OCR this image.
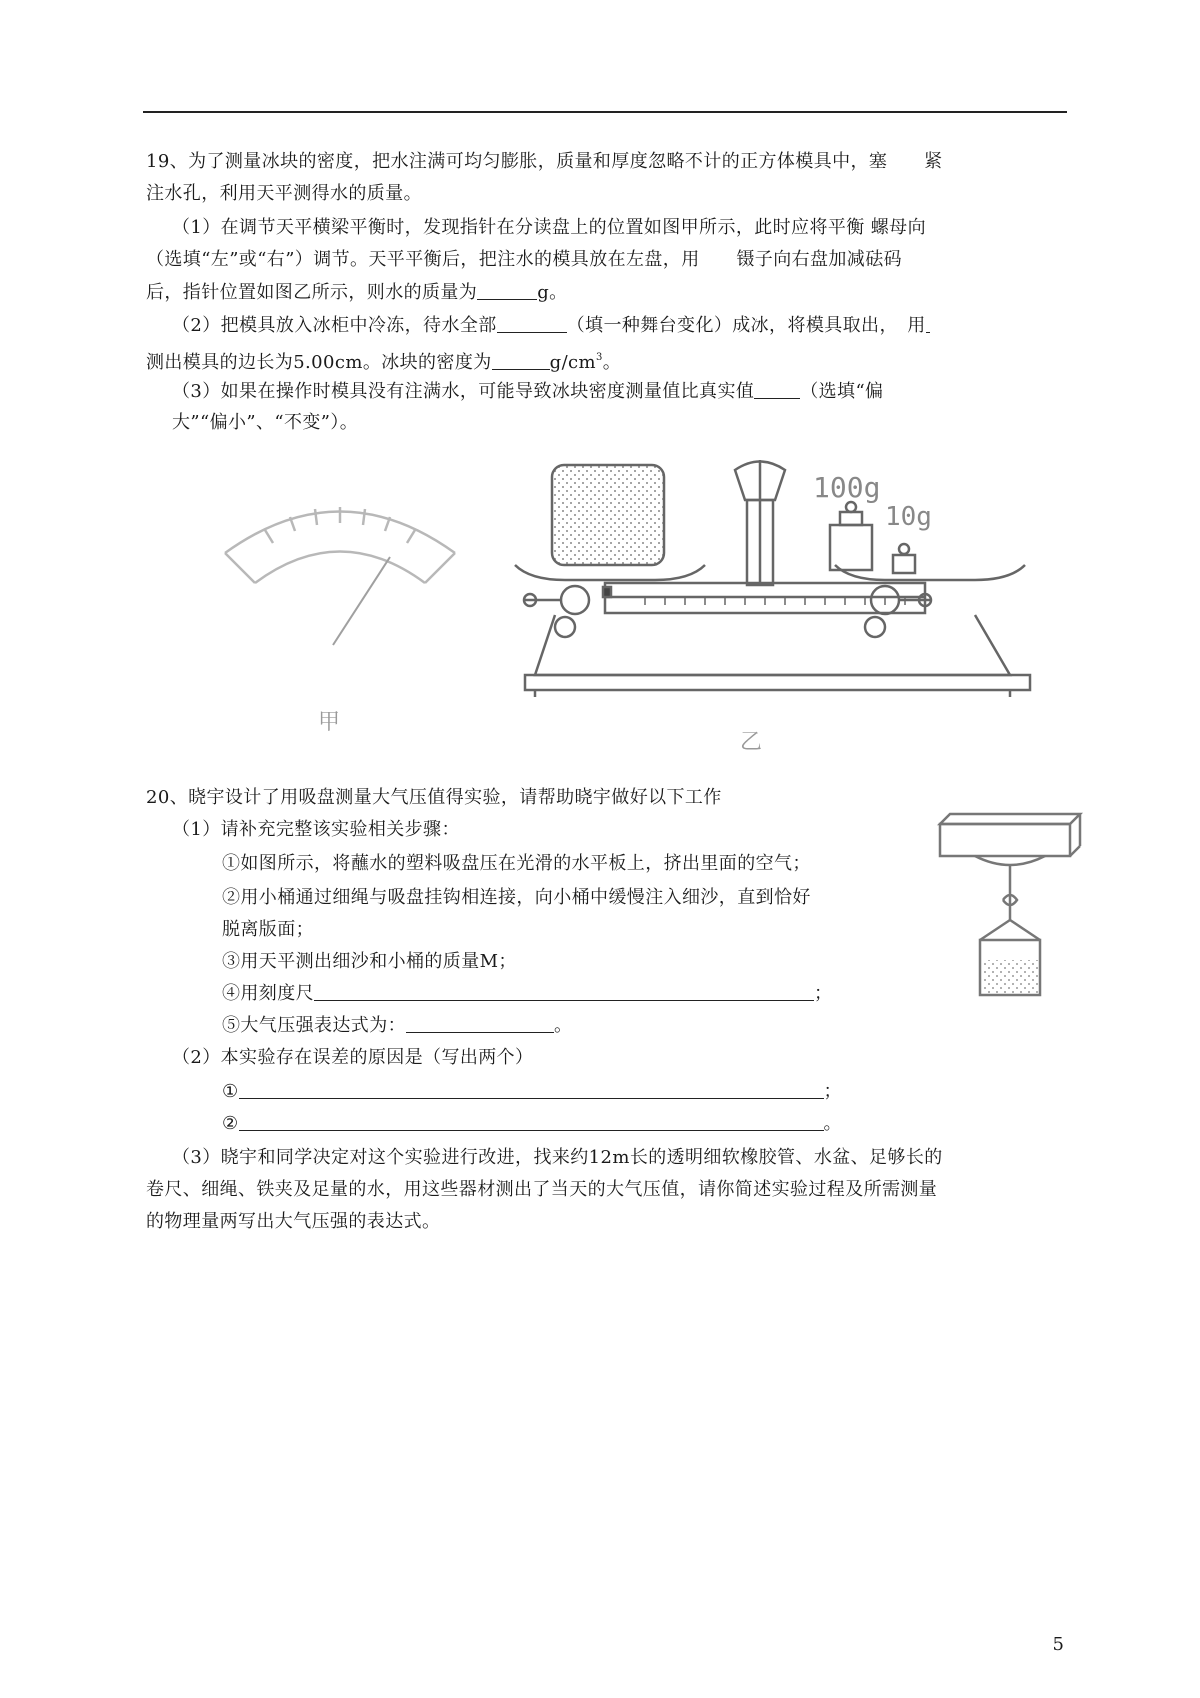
19、为了测量冰块的密度，把水注满可均匀膨胀，质量和厚度忽略不计的正方体模具中，塞　　紧
注水孔，利用天平测得水的质量。
（1）在调节天平横梁平衡时，发现指针在分读盘上的位置如图甲所示，此时应将平衡 螺母向
（选填“左”或“右”）调节。天平平衡后，把注水的模具放在左盘，用　　镊子向右盘加减砝码
后，指针位置如图乙所示，则水的质量为	g。
（2）把模具放入冰柜中冷冻，待水全部	（填一种舞台变化）成冰，将模具取出，　用
测出模具的边长为5.00cm。冰块的密度为	$g/cm^3$。
（3）如果在操作时模具没有注满水，可能导致冰块密度测量值比真实值	（选填“偏
大”“偏小”、“不变”）。
甲
100g
10g
乙
20、晓宇设计了用吸盘测量大气压值得实验，请帮助晓宇做好以下工作
（1）请补充完整该实验相关步骤：
①如图所示，将蘸水的塑料吸盘压在光滑的水平板上，挤出里面的空气；
②用小桶通过细绳与吸盘挂钩相连接，向小桶中缓慢注入细沙，直到恰好
脱离版面；
③用天平测出细沙和小桶的质量M；
④用刻度尺	；
⑤大气压强表达式为：	。
（2）本实验存在误差的原因是（写出两个）
①	；
②	。
（3）晓宇和同学决定对这个实验进行改进，找来约12m长的透明细软橡胶管、水盆、足够长的
卷尺、细绳、铁夹及足量的水，用这些器材测出了当天的大气压值，请你简述实验过程及所需测量
的物理量两写出大气压强的表达式。
5
